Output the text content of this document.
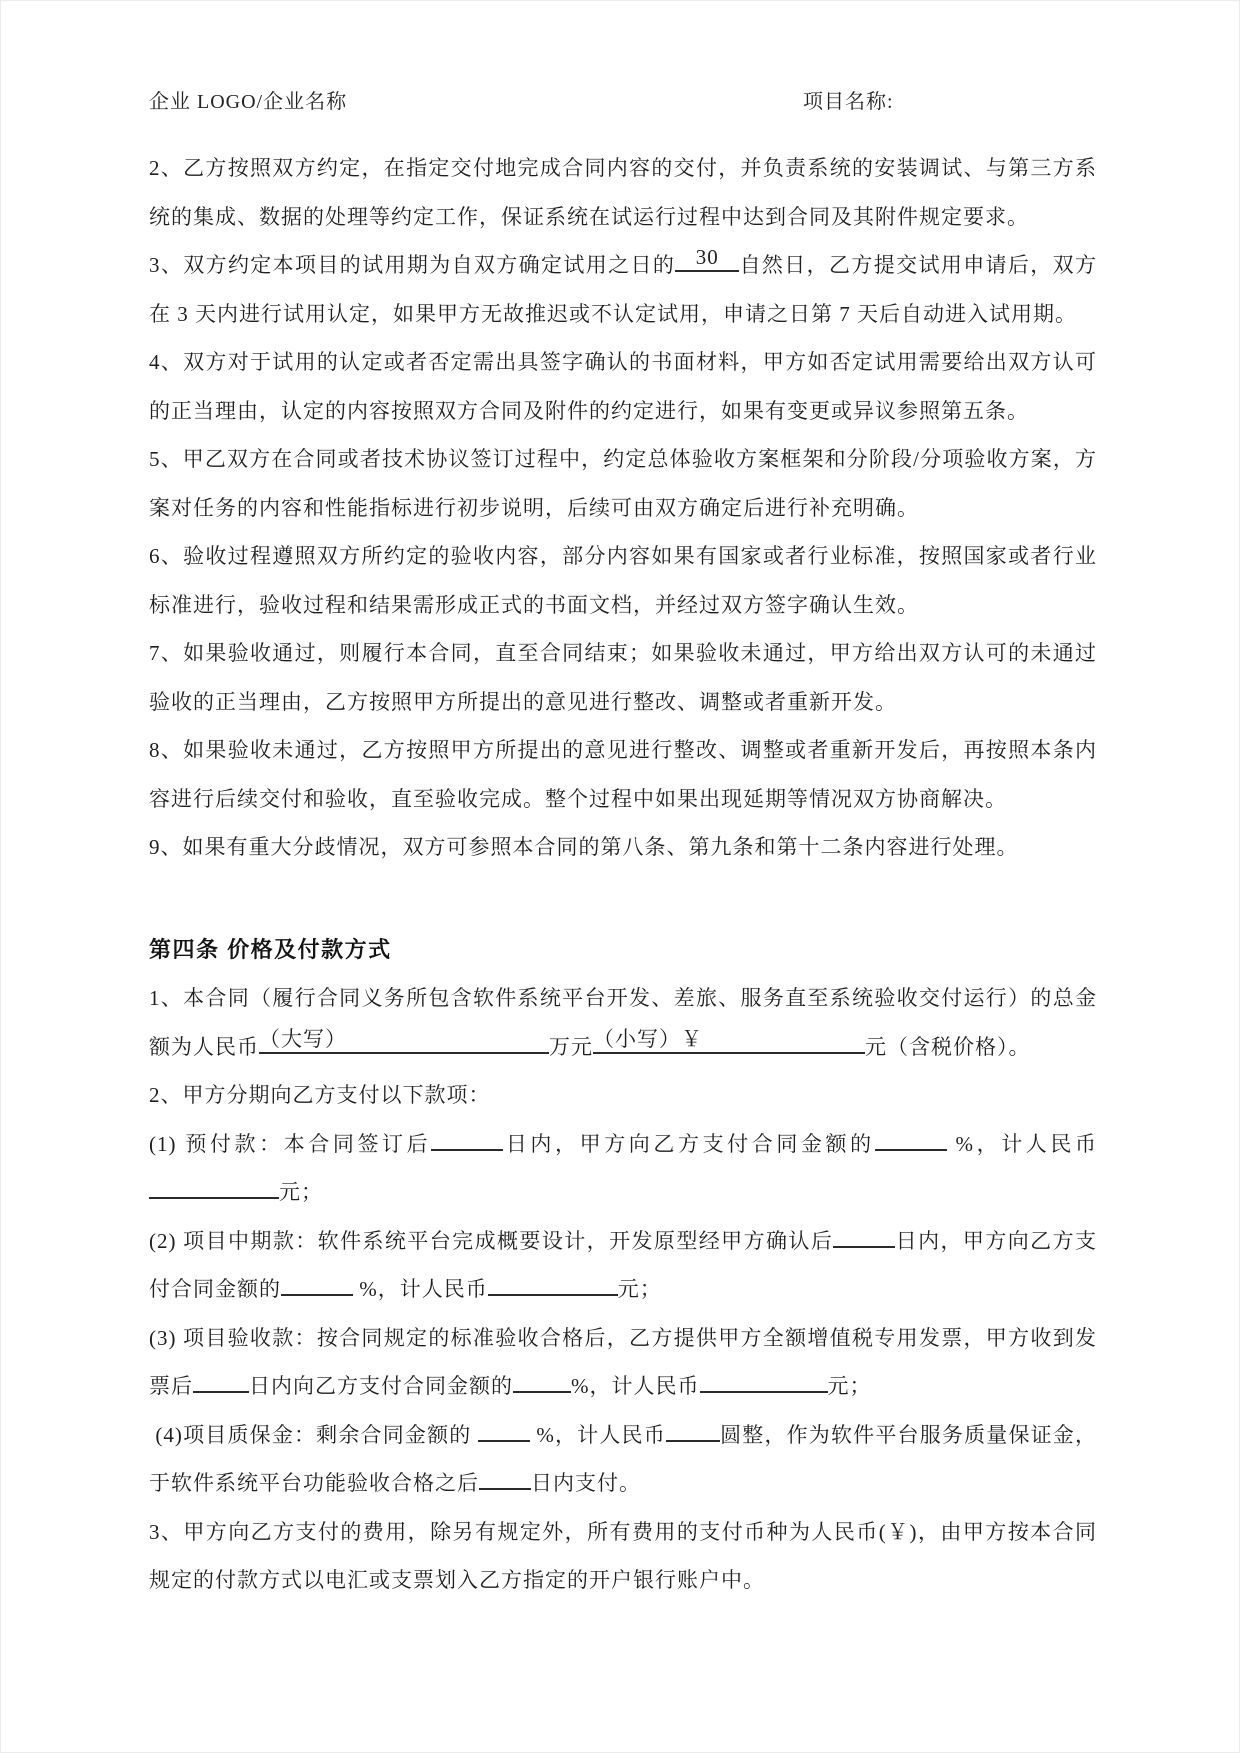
企业 LOGO/企业名称	项目名称:

2、乙方按照双方约定，在指定交付地完成合同内容的交付，并负责系统的安装调试、与第三方系统的集成、数据的处理等约定工作，保证系统在试运行过程中达到合同及其附件规定要求。

3、双方约定本项目的试用期为自双方确定试用之日的 30 自然日，乙方提交试用申请后，双方在 3 天内进行试用认定，如果甲方无故推迟或不认定试用，申请之日第 7 天后自动进入试用期。

4、双方对于试用的认定或者否定需出具签字确认的书面材料，甲方如否定试用需要给出双方认可的正当理由，认定的内容按照双方合同及附件的约定进行，如果有变更或异议参照第五条。

5、甲乙双方在合同或者技术协议签订过程中，约定总体验收方案框架和分阶段/分项验收方案，方案对任务的内容和性能指标进行初步说明，后续可由双方确定后进行补充明确。

6、验收过程遵照双方所约定的验收内容，部分内容如果有国家或者行业标准，按照国家或者行业标准进行，验收过程和结果需形成正式的书面文档，并经过双方签字确认生效。

7、如果验收通过，则履行本合同，直至合同结束；如果验收未通过，甲方给出双方认可的未通过验收的正当理由，乙方按照甲方所提出的意见进行整改、调整或者重新开发。

8、如果验收未通过，乙方按照甲方所提出的意见进行整改、调整或者重新开发后，再按照本条内容进行后续交付和验收，直至验收完成。整个过程中如果出现延期等情况双方协商解决。

9、如果有重大分歧情况，双方可参照本合同的第八条、第九条和第十二条内容进行处理。

第四条 价格及付款方式

1、本合同（履行合同义务所包含软件系统平台开发、差旅、服务直至系统验收交付运行）的总金额为人民币（大写）	万元（小写）￥	元（含税价格）。

2、甲方分期向乙方支付以下款项：

(1) 预付款：本合同签订后	日内，甲方向乙方支付合同金额的	%，计人民币 元；

(2) 项目中期款：软件系统平台完成概要设计，开发原型经甲方确认后	日内，甲方向乙方支付合同金额的	%，计人民币	元；

(3) 项目验收款：按合同规定的标准验收合格后，乙方提供甲方全额增值税专用发票，甲方收到发票后	日内向乙方支付合同金额的	%，计人民币	元；

(4)项目质保金：剩余合同金额的   %，计人民币	圆整，作为软件平台服务质量保证金，于软件系统平台功能验收合格之后 日内支付。

3、甲方向乙方支付的费用，除另有规定外，所有费用的支付币种为人民币(￥)，由甲方按本合同规定的付款方式以电汇或支票划入乙方指定的开户银行账户中。
